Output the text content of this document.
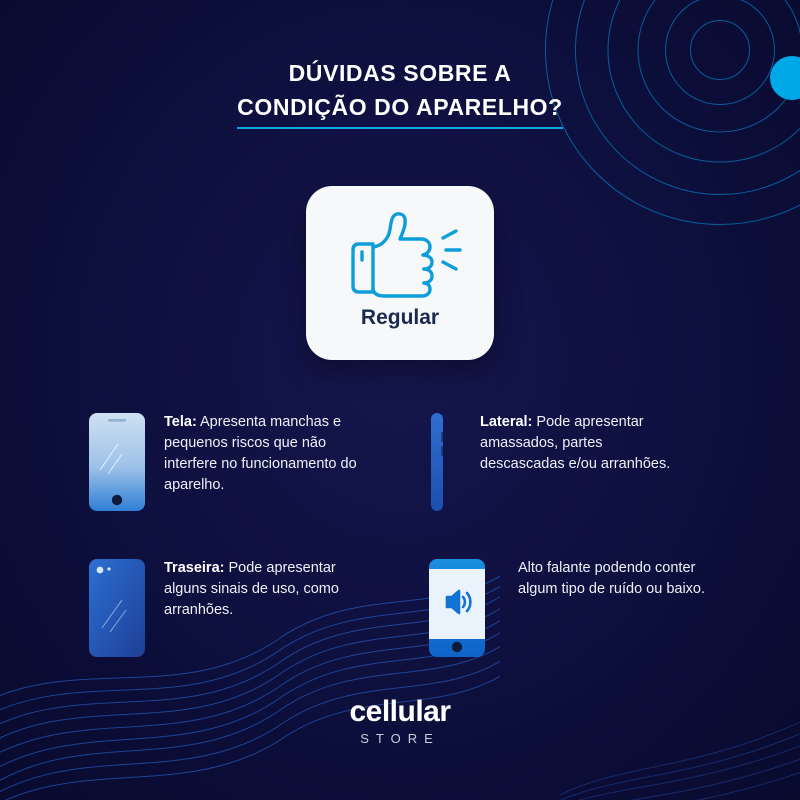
DÚVIDAS SOBRE A
CONDIÇÃO DO APARELHO?
Regular
Tela: Apresenta manchas e pequenos riscos que não interfere no funcionamento do aparelho.
Lateral: Pode apresentar amassados, partes descascadas e/ou arranhões.
Traseira: Pode apresentar alguns sinais de uso, como arranhões.
Alto falante podendo conter algum tipo de ruído ou baixo.
cellular
STORE
